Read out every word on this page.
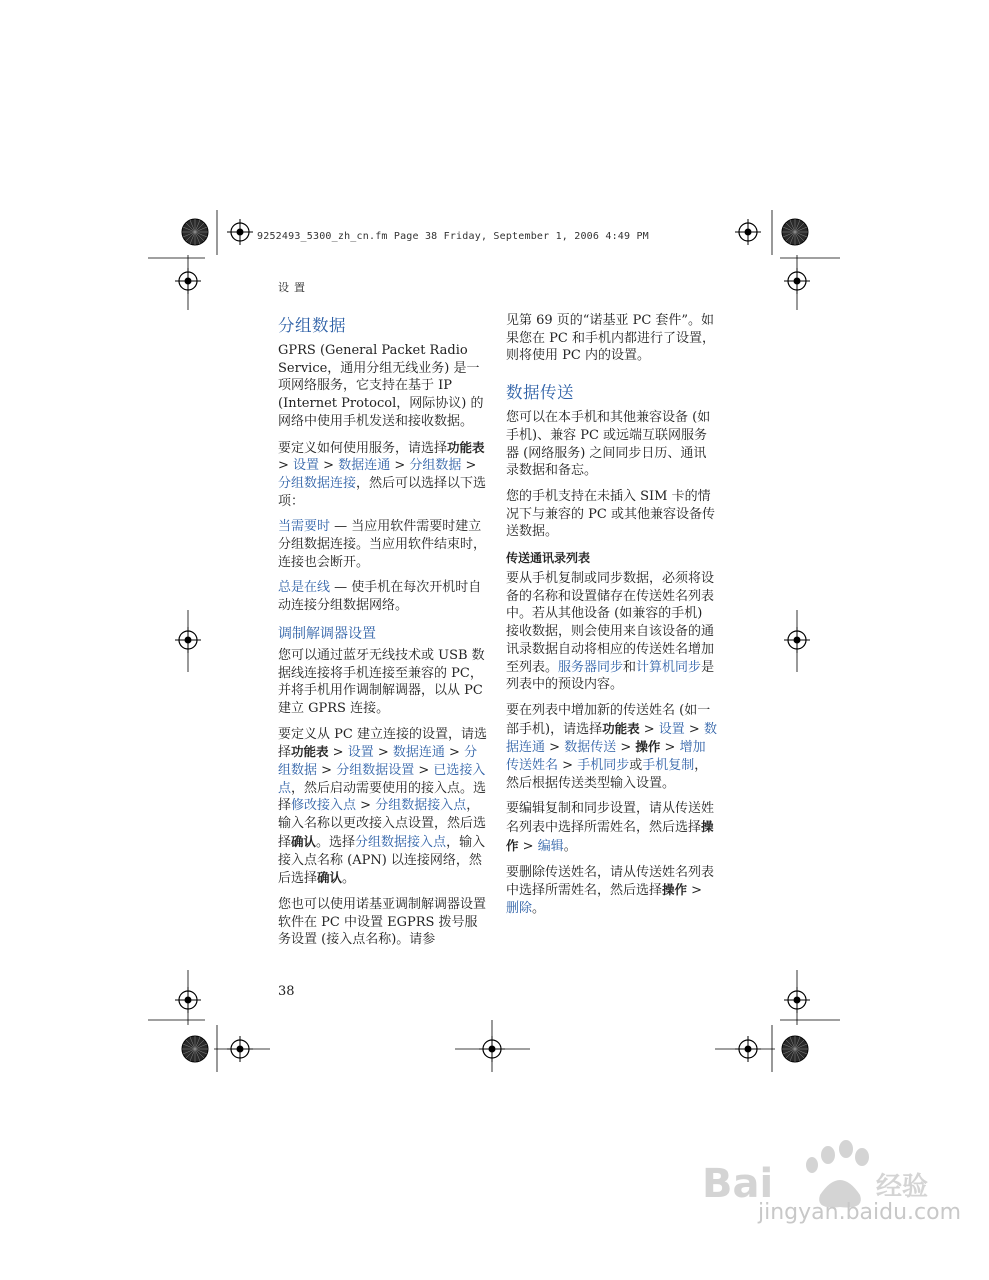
9252493_5300_zh_cn.fm Page 38 Friday, September 1, 2006 4:49 PM
设置
分组数据

GPRS (General Packet Radio Service，通用分组无线业务) 是一项网络服务，它支持在基于 IP (Internet Protocol，网际协议) 的网络中使用手机发送和接收数据。

要定义如何使用服务，请选择功能表 > 设置 > 数据连通 > 分组数据 > 分组数据连接，然后可以选择以下选项：

当需要时 — 当应用软件需要时建立分组数据连接。当应用软件结束时，连接也会断开。

总是在线 — 使手机在每次开机时自动连接分组数据网络。

调制解调器设置

您可以通过蓝牙无线技术或 USB 数据线连接将手机连接至兼容的 PC，并将手机用作调制解调器，以从 PC 建立 GPRS 连接。

要定义从 PC 建立连接的设置，请选择功能表 > 设置 > 数据连通 > 分组数据 > 分组数据设置 > 已选接入点，然后启动需要使用的接入点。选择修改接入点 > 分组数据接入点，输入名称以更改接入点设置，然后选择确认。选择分组数据接入点，输入接入点名称 (APN) 以连接网络，然后选择确认。

您也可以使用诺基亚调制解调器设置软件在 PC 中设置 EGPRS 拨号服务设置 (接入点名称)。请参

见第 69 页的“诺基亚 PC 套件”。如果您在 PC 和手机内都进行了设置，则将使用 PC 内的设置。

数据传送

您可以在本手机和其他兼容设备 (如手机)、兼容 PC 或远端互联网服务器 (网络服务) 之间同步日历、通讯录数据和备忘。

您的手机支持在未插入 SIM 卡的情况下与兼容的 PC 或其他兼容设备传送数据。

传送通讯录列表

要从手机复制或同步数据，必须将设备的名称和设置储存在传送姓名列表中。若从其他设备 (如兼容的手机) 接收数据，则会使用来自该设备的通讯录数据自动将相应的传送姓名增加至列表。服务器同步和计算机同步是列表中的预设内容。

要在列表中增加新的传送姓名 (如一部手机)，请选择功能表 > 设置 > 数据连通 > 数据传送 > 操作 > 增加传送姓名 > 手机同步或手机复制，然后根据传送类型输入设置。

要编辑复制和同步设置，请从传送姓名列表中选择所需姓名，然后选择操作 > 编辑。

要删除传送姓名，请从传送姓名列表中选择所需姓名，然后选择操作 > 删除。

38
Bai	经验
jingyan.baidu.com
